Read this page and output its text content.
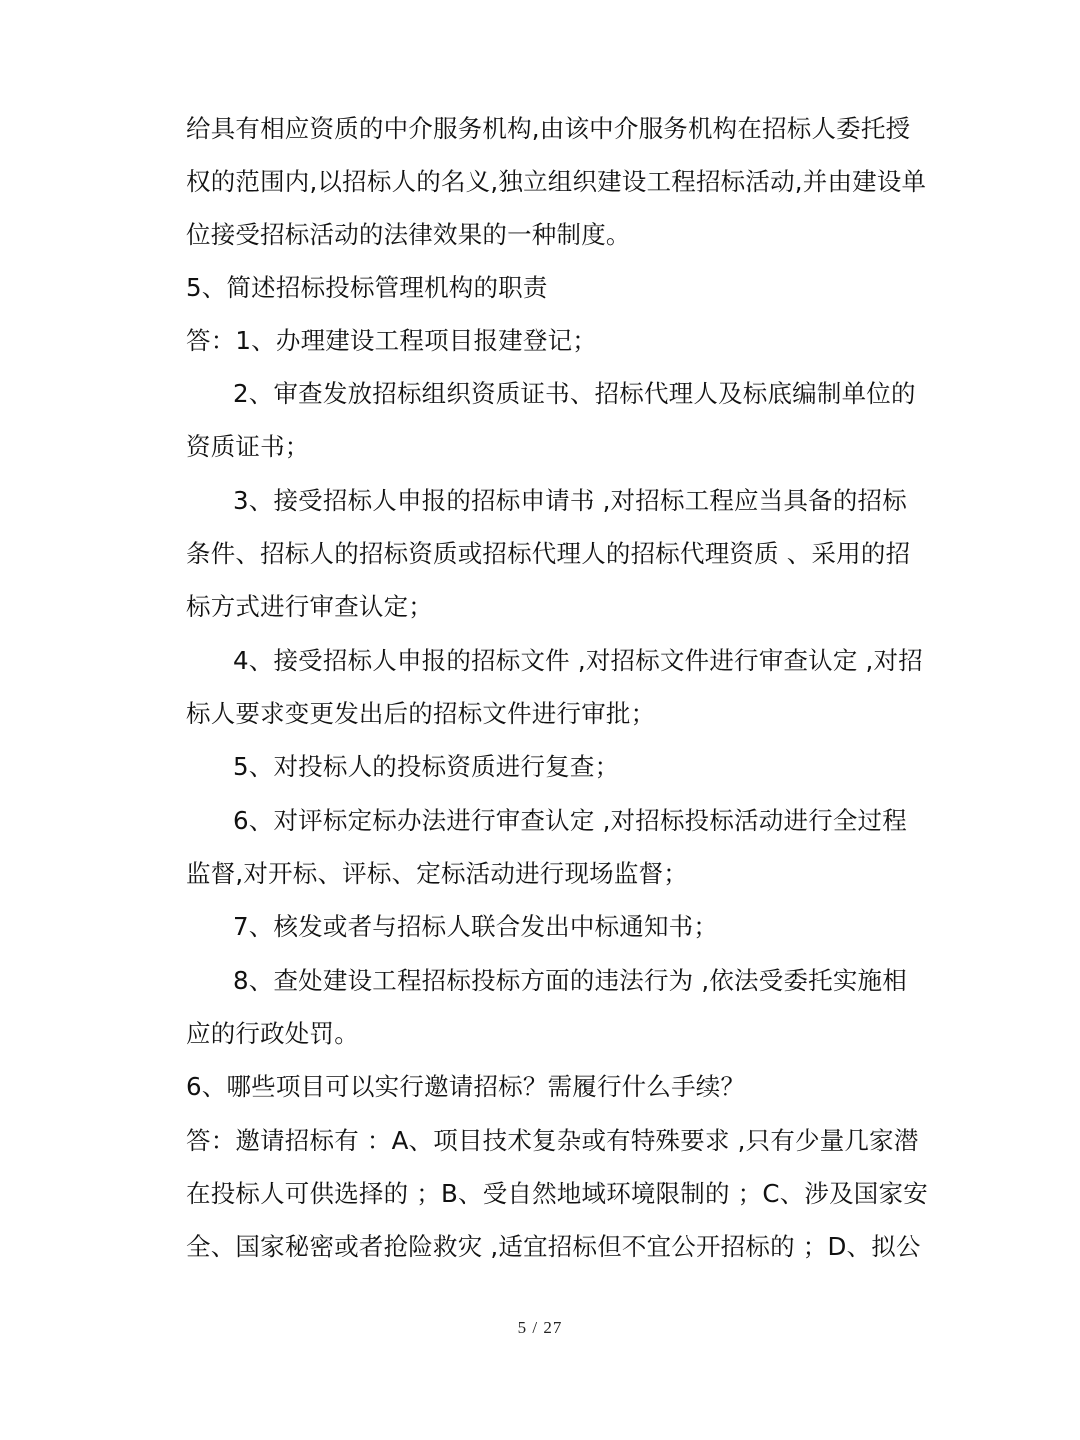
给具有相应资质的中介服务机构,由该中介服务机构在招标人委托授
权的范围内,以招标人的名义,独立组织建设工程招标活动,并由建设单
位接受招标活动的法律效果的一种制度。
5、简述招标投标管理机构的职责
答：1、办理建设工程项目报建登记；
2、审查发放招标组织资质证书、招标代理人及标底编制单位的
资质证书；
3、接受招标人申报的招标申请书 ,对招标工程应当具备的招标
条件、招标人的招标资质或招标代理人的招标代理资质 、采用的招
标方式进行审查认定；
4、接受招标人申报的招标文件 ,对招标文件进行审查认定 ,对招
标人要求变更发出后的招标文件进行审批；
5、对投标人的投标资质进行复查；
6、对评标定标办法进行审查认定 ,对招标投标活动进行全过程
监督,对开标、评标、定标活动进行现场监督；
7、核发或者与招标人联合发出中标通知书；
8、查处建设工程招标投标方面的违法行为 ,依法受委托实施相
应的行政处罚。
6、哪些项目可以实行邀请招标？需履行什么手续？
答：邀请招标有 ：A、项目技术复杂或有特殊要求 ,只有少量几家潜
在投标人可供选择的 ；B、受自然地域环境限制的 ；C、涉及国家安
全、国家秘密或者抢险救灾 ,适宜招标但不宜公开招标的 ；D、拟公
5 / 27
